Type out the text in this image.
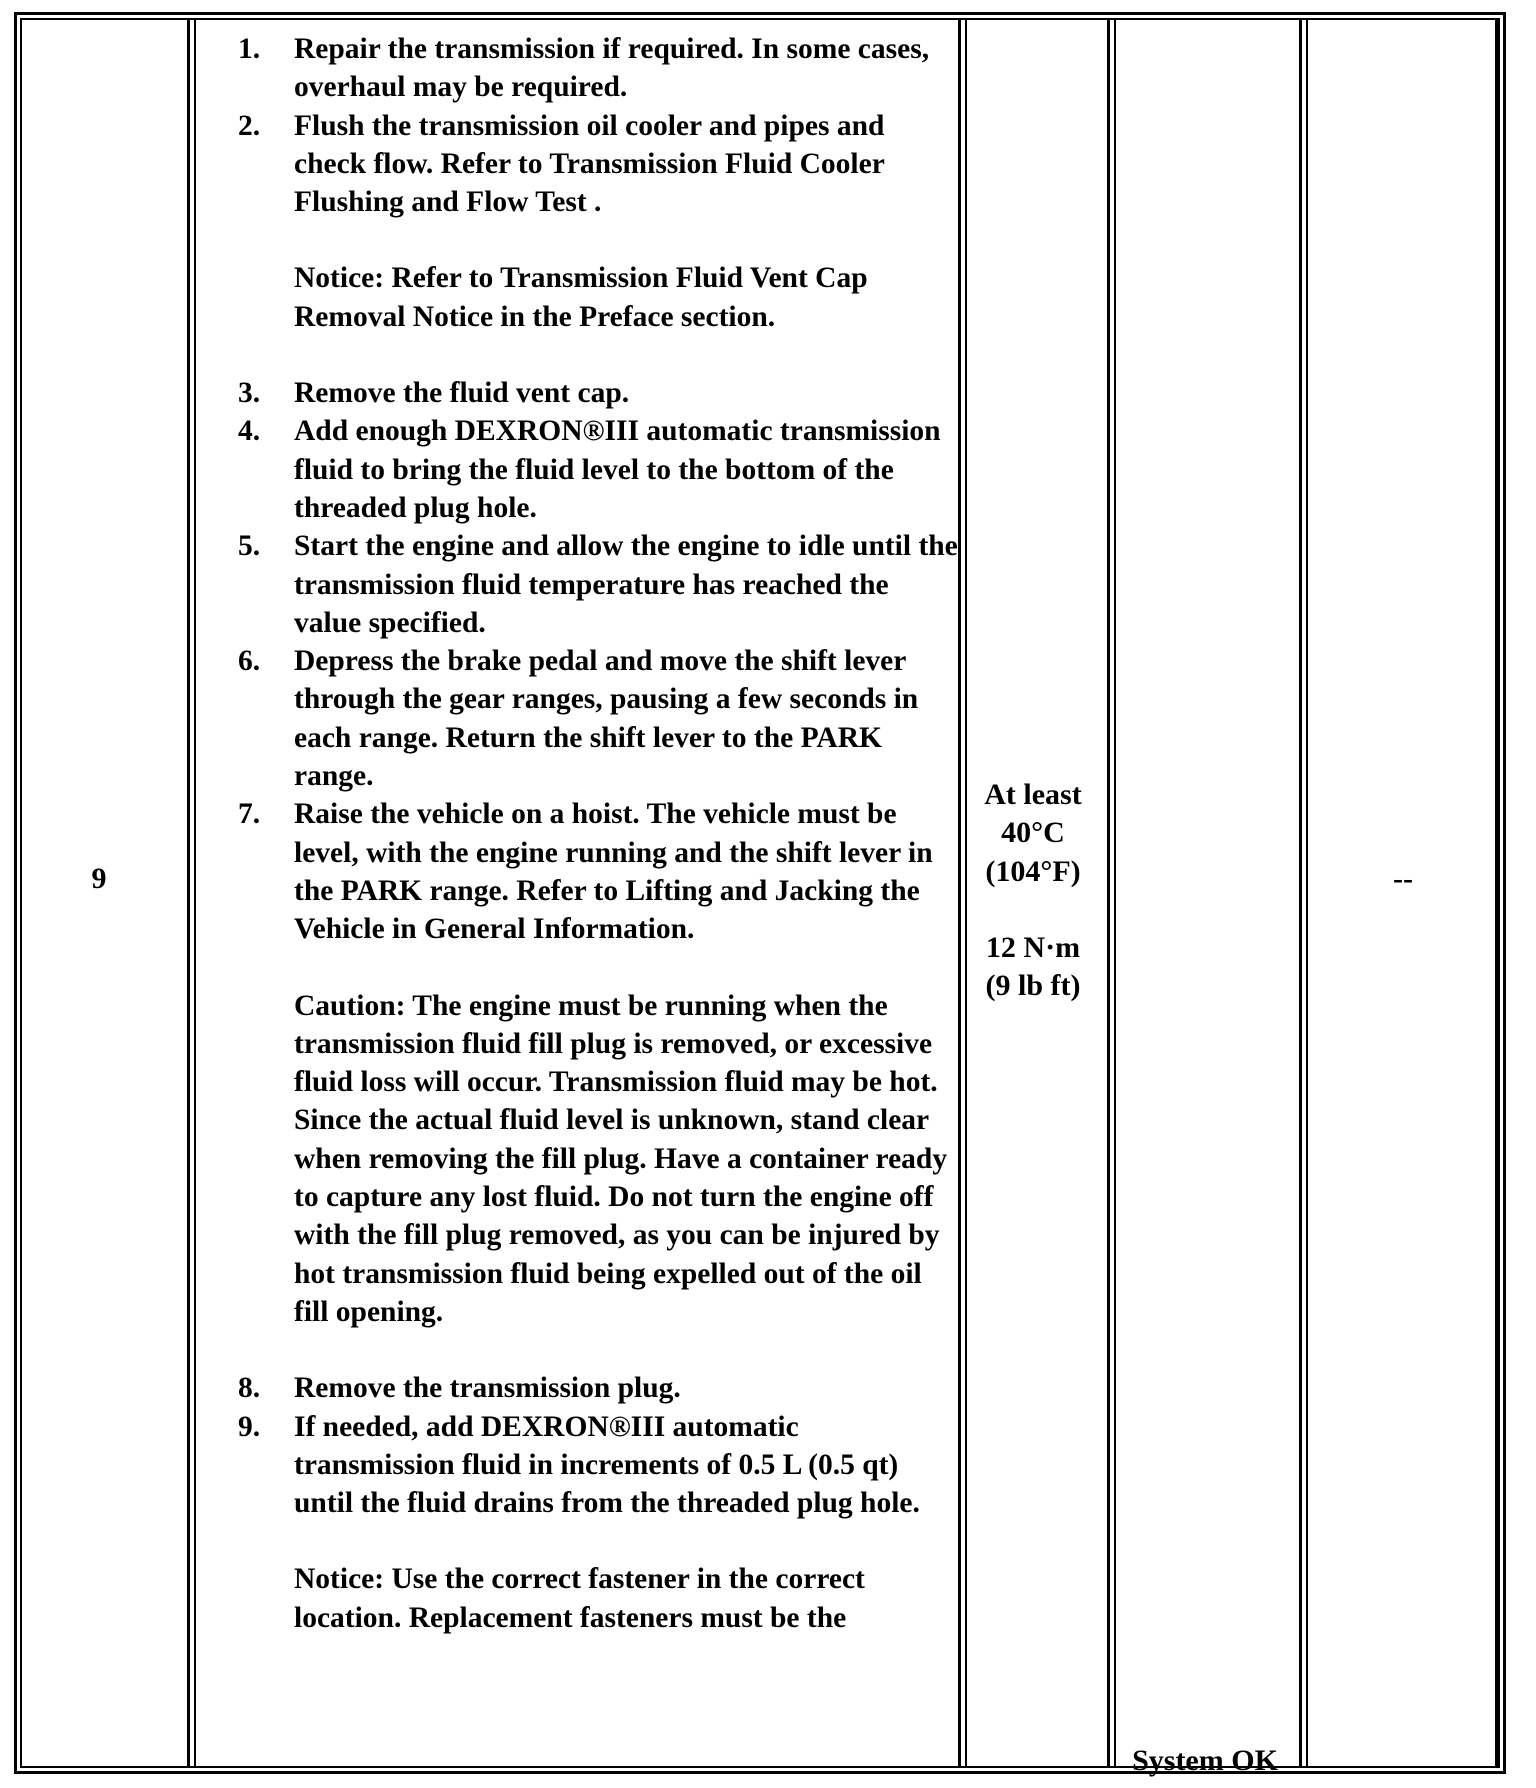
9
1. Repair the transmission if required. In some cases, overhaul may be required.
2. Flush the transmission oil cooler and pipes and check flow. Refer to Transmission Fluid Cooler Flushing and Flow Test .
Notice: Refer to Transmission Fluid Vent Cap Removal Notice in the Preface section.
3. Remove the fluid vent cap.
4. Add enough DEXRON®III automatic transmission fluid to bring the fluid level to the bottom of the threaded plug hole.
5. Start the engine and allow the engine to idle until the transmission fluid temperature has reached the value specified.
6. Depress the brake pedal and move the shift lever through the gear ranges, pausing a few seconds in each range. Return the shift lever to the PARK range.
7. Raise the vehicle on a hoist. The vehicle must be level, with the engine running and the shift lever in the PARK range. Refer to Lifting and Jacking the Vehicle in General Information.
Caution: The engine must be running when the transmission fluid fill plug is removed, or excessive fluid loss will occur. Transmission fluid may be hot. Since the actual fluid level is unknown, stand clear when removing the fill plug. Have a container ready to capture any lost fluid. Do not turn the engine off with the fill plug removed, as you can be injured by hot transmission fluid being expelled out of the oil fill opening.
8. Remove the transmission plug.
9. If needed, add DEXRON®III automatic transmission fluid in increments of 0.5 L (0.5 qt) until the fluid drains from the threaded plug hole.
Notice: Use the correct fastener in the correct location. Replacement fasteners must be the
At least
40°C
(104°F)
12 N·m
(9 lb ft)
System OK
--
